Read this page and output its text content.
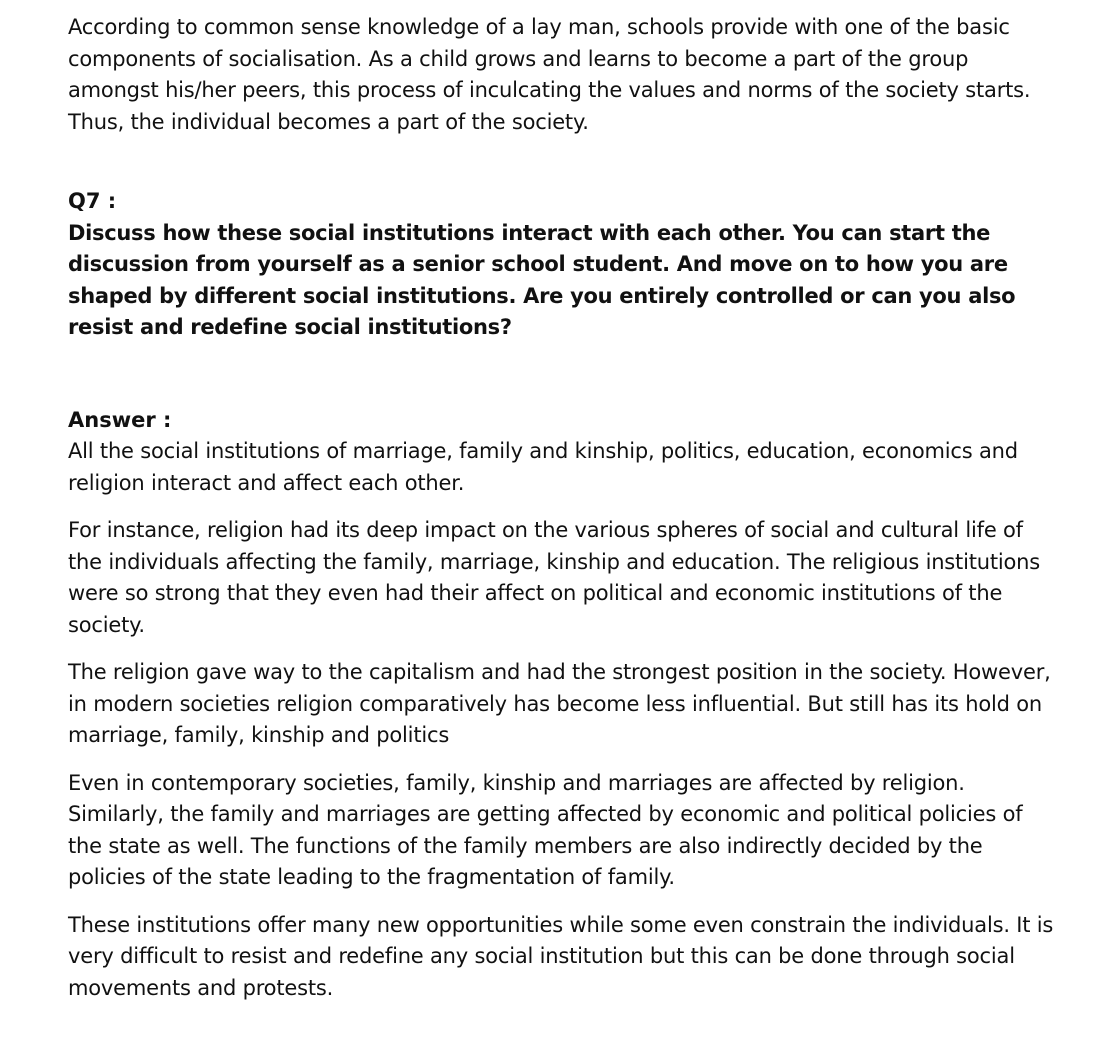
According to common sense knowledge of a lay man, schools provide with one of the basic components of socialisation. As a child grows and learns to become a part of the group amongst his/her peers, this process of inculcating the values and norms of the society starts. Thus, the individual becomes a part of the society.

Q7 :

Discuss how these social institutions interact with each other. You can start the discussion from yourself as a senior school student. And move on to how you are shaped by different social institutions. Are you entirely controlled or can you also resist and redefine social institutions?

Answer :

All the social institutions of marriage, family and kinship, politics, education, economics and religion interact and affect each other.

For instance, religion had its deep impact on the various spheres of social and cultural life of the individuals affecting the family, marriage, kinship and education. The religious institutions were so strong that they even had their affect on political and economic institutions of the society.

The religion gave way to the capitalism and had the strongest position in the society. However, in modern societies religion comparatively has become less influential. But still has its hold on marriage, family, kinship and politics

Even in contemporary societies, family, kinship and marriages are affected by religion. Similarly, the family and marriages are getting affected by economic and political policies of the state as well. The functions of the family members are also indirectly decided by the policies of the state leading to the fragmentation of family.

These institutions offer many new opportunities while some even constrain the individuals. It is very difficult to resist and redefine any social institution but this can be done through social movements and protests.
